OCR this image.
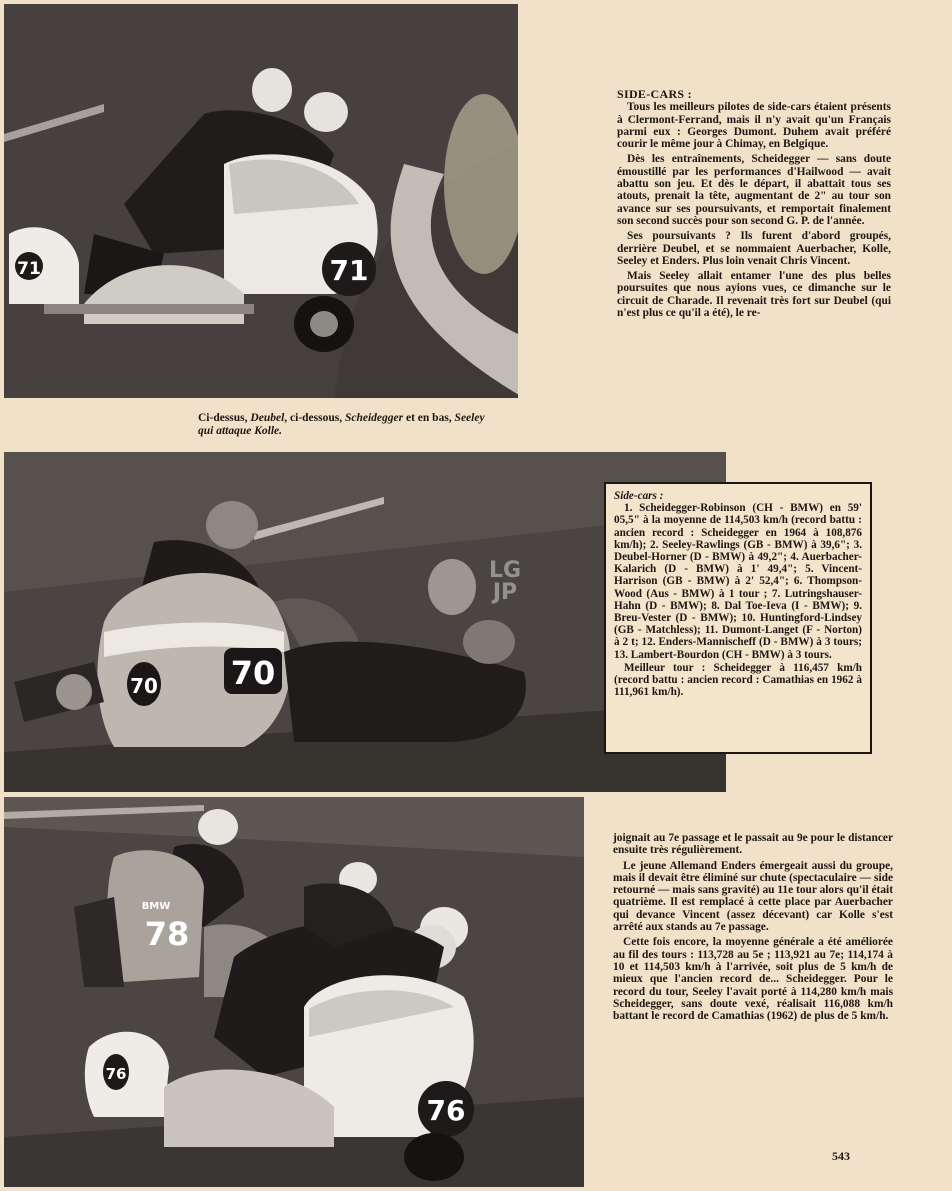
71
71
Ci-dessus, Deubel, ci-dessous, Scheidegger et en bas, Seeley qui attaque Kolle.

SIDE-CARS :

Tous les meilleurs pilotes de side-cars étaient présents à Clermont-Ferrand, mais il n'y avait qu'un Français parmi eux : Georges Dumont. Duhem avait préféré courir le même jour à Chimay, en Belgique.

Dès les entraînements, Scheidegger — sans doute émoustillé par les performances d'Hailwood — avait abattu son jeu. Et dès le départ, il abattait tous ses atouts, prenait la tête, augmentant de 2" au tour son avance sur ses poursuivants, et remportait finalement son second succès pour son second G. P. de l'année.

Ses poursuivants ? Ils furent d'abord groupés, derrière Deubel, et se nommaient Auerbacher, Kolle, Seeley et Enders. Plus loin venait Chris Vincent.

Mais Seeley allait entamer l'une des plus belles poursuites que nous ayions vues, ce dimanche sur le circuit de Charade. Il revenait très fort sur Deubel (qui n'est plus ce qu'il a été), le re-

70 70
LG
JP
Side-cars :

1. Scheidegger-Robinson (CH - BMW) en 59' 05,5" à la moyenne de 114,503 km/h (record battu : ancien record : Scheidegger en 1964 à 108,876 km/h); 2. Seeley-Rawlings (GB - BMW) à 39,6"; 3. Deubel-Horner (D - BMW) à 49,2"; 4. Auerbacher-Kalarich (D - BMW) à 1' 49,4"; 5. Vincent-Harrison (GB - BMW) à 2' 52,4"; 6. Thompson-Wood (Aus - BMW) à 1 tour ; 7. Lutringshauser-Hahn (D - BMW); 8. Dal Toe-Ieva (I - BMW); 9. Breu-Vester (D - BMW); 10. Huntingford-Lindsey (GB - Matchless); 11. Dumont-Langet (F - Norton) à 2 t; 12. Enders-Mannischeff (D - BMW) à 3 tours; 13. Lambert-Bourdon (CH - BMW) à 3 tours.

Meilleur tour : Scheidegger à 116,457 km/h (record battu : ancien record : Camathias en 1962 à 111,961 km/h).

BMW
78
76
76

joignait au 7e passage et le passait au 9e pour le distancer ensuite très régulièrement.

Le jeune Allemand Enders émergeait aussi du groupe, mais il devait être éliminé sur chute (spectaculaire — side retourné — mais sans gravité) au 11e tour alors qu'il était quatrième. Il est remplacé à cette place par Auerbacher qui devance Vincent (assez décevant) car Kolle s'est arrêté aux stands au 7e passage.

Cette fois encore, la moyenne générale a été améliorée au fil des tours : 113,728 au 5e ; 113,921 au 7e; 114,174 à 10 et 114,503 km/h à l'arrivée, soit plus de 5 km/h de mieux que l'ancien record de... Scheidegger. Pour le record du tour, Seeley l'avait porté à 114,280 km/h mais Scheidegger, sans doute vexé, réalisait 116,088 km/h battant le record de Camathias (1962) de plus de 5 km/h.

543
